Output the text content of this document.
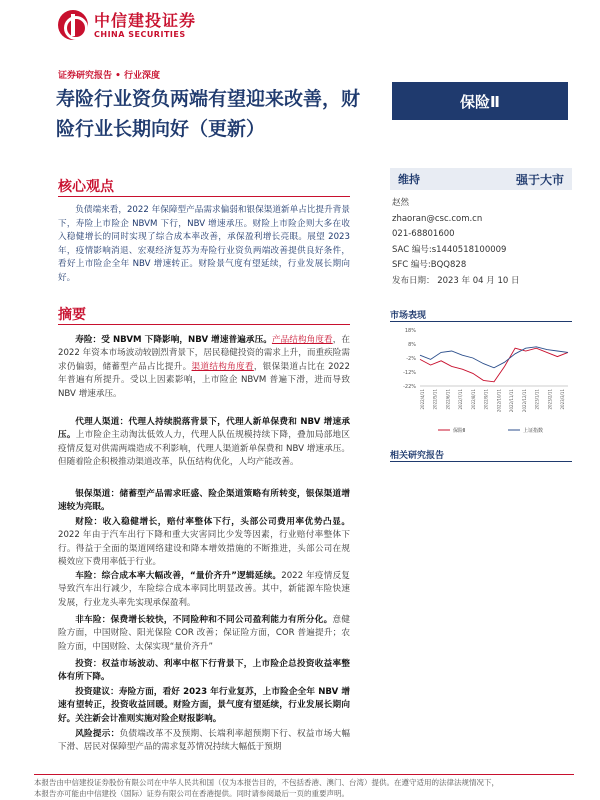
中信建投证券
CHINA SECURITIES
证券研究报告 • 行业深度
寿险行业资负两端有望迎来改善，财险行业长期向好（更新）
保险Ⅱ
核心观点
负债端来看，2022 年保障型产品需求偏弱和银保渠道新单占比提升背景下，寿险上市险企 NBVM 下行，NBV 增速承压。财险上市险企则大多在收入稳健增长的同时实现了综合成本率改善，承保盈利增长亮眼。展望 2023 年，疫情影响消退、宏观经济复苏为寿险行业资负两端改善提供良好条件，看好上市险企全年 NBV 增速转正。财险景气度有望延续，行业发展长期向好。
摘要
寿险：受 NBVM 下降影响，NBV 增速普遍承压。产品结构角度看，在 2022 年资本市场波动较剧烈背景下，居民稳健投资的需求上升，而重疾险需求仍偏弱，储蓄型产品占比提升。渠道结构角度看，银保渠道占比在 2022 年普遍有所提升。受以上因素影响，上市险企 NBVM 普遍下滑，进而导致 NBV 增速承压。
代理人渠道：代理人持续脱落背景下，代理人新单保费和 NBV 增速承压。上市险企主动淘汰低效人力，代理人队伍规模持续下降，叠加局部地区疫情反复对供需两端造成不利影响，代理人渠道新单保费和 NBV 增速承压。但随着险企积极推动渠道改革，队伍结构优化，人均产能改善。
银保渠道：储蓄型产品需求旺盛、险企渠道策略有所转变，银保渠道增速较为亮眼。
财险：收入稳健增长，赔付率整体下行，头部公司费用率优势凸显。2022 年由于汽车出行下降和重大灾害同比少发等因素，行业赔付率整体下行。得益于全面的渠道网络建设和降本增效措施的不断推进，头部公司在规模效应下费用率低于行业。
车险：综合成本率大幅改善，“量价齐升”逻辑延续。2022 年疫情反复导致汽车出行减少，车险综合成本率同比明显改善。其中，新能源车险快速发展，行业龙头率先实现承保盈利。
非车险：保费增长较快，不同险种和不同公司盈利能力有所分化。意健险方面，中国财险、阳光保险 COR 改善；保证险方面，COR 普遍提升；农险方面，中国财险、太保实现“量价齐升”
投资：权益市场波动、利率中枢下行背景下，上市险企总投资收益率整体有所下降。
投资建议：寿险方面，看好 2023 年行业复苏，上市险企全年 NBV 增速有望转正，投资收益回暖。财险方面，景气度有望延续，行业发展长期向好。关注新会计准则实施对险企财报影响。
风险提示：负债端改革不及预期、长端利率超预期下行、权益市场大幅下滑、居民对保障型产品的需求复苏情况持续大幅低于预期
维持	强于大市
赵然
zhaoran@csc.com.cn
021-68801600
SAC 编号:s1440518100009
SFC 编号:BQQ828
发布日期： 2023 年 04 月 10 日
市场表现
18%
8%
-2%
-12%
-22%
2022/4/11 2022/5/11 2022/6/11 2022/7/11 2022/8/11 2022/9/11 2022/10/11 2022/11/11 2022/12/11 2023/1/11 2023/2/11 2023/3/11
保险Ⅱ	上证指数
相关研究报告
本报告由中信建投证券股份有限公司在中华人民共和国（仅为本报告目的，不包括香港、澳门、台湾）提供。在遵守适用的法律法规情况下，
本报告亦可能由中信建投（国际）证券有限公司在香港提供。同时请参阅最后一页的重要声明。
